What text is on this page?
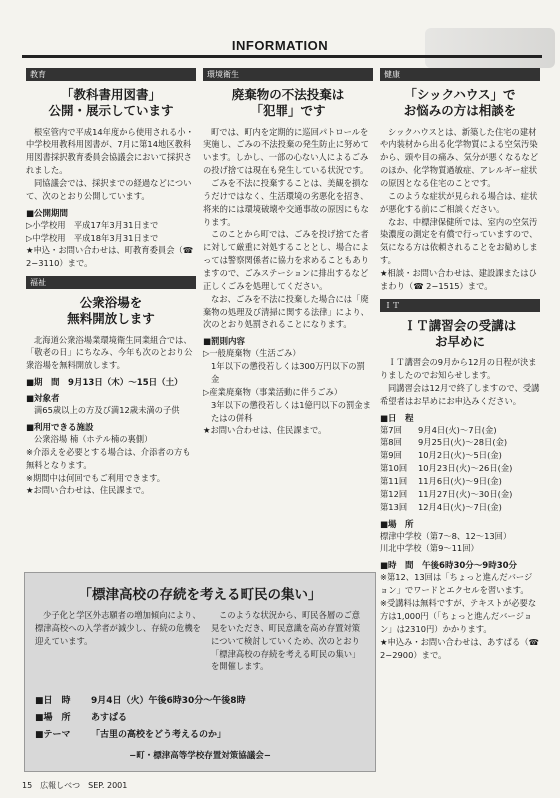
INFORMATION
教育
「教科書用図書」
公開・展示しています

根室管内で平成14年度から使用される小・中学校用教科用図書が、7月に第14地区教科用図書採択教育委員会協議会において採択されました。

同協議会では、採択までの経過などについて、次のとおり公開しています。

■公開期間

▷小学校用　平成17年3月31日まで

▷中学校用　平成18年3月31日まで

★申込・お問い合わせは、町教育委員会（☎ 2−3110）まで。

福祉
公衆浴場を
無料開放します

北海道公衆浴場業環境衛生同業組合では、「敬老の日」にちなみ、今年も次のとおり公衆浴場を無料開放します。

■期　間　9月13日（木）〜15日（土）

■対象者

満65歳以上の方及び満12歳未満の子供

■利用できる施設

公衆浴場 楠（ホテル楠の裏側）

※介添えを必要とする場合は、介添者の方も無料となります。

※期間中は何回でもご利用できます。

★お問い合わせは、住民課まで。

環境衛生
廃棄物の不法投棄は
「犯罪」です

町では、町内を定期的に巡回パトロールを実施し、ごみの不法投棄の発生防止に努めています。しかし、一部の心ない人によるごみの投げ捨ては現在も発生している状況です。

ごみを不法に投棄することは、美観を損なうだけではなく、生活環境の劣悪化を招き、将来的には環境破壊や交通事故の原因にもなります。

このことから町では、ごみを投げ捨てた者に対して厳重に対処することとし、場合によっては警察関係者に協力を求めることもありますので、ごみステーションに排出するなど正しくごみを処理してください。

なお、ごみを不法に投棄した場合には「廃棄物の処理及び清掃に関する法律」により、次のとおり処罰されることになります。

■罰則内容

▷一般廃棄物（生活ごみ）

1年以下の懲役若しくは300万円以下の罰金

▷産業廃棄物（事業活動に伴うごみ）

3年以下の懲役若しくは1億円以下の罰金またはの併科

★お問い合わせは、住民課まで。

健康
「シックハウス」で
お悩みの方は相談を

シックハウスとは、新築した住宅の建材や内装材から出る化学物質による空気汚染から、頭や目の痛み、気分が悪くなるなどのほか、化学物質過敏症、アレルギー症状の原因となる住宅のことです。

このような症状が見られる場合は、症状が悪化する前にご相談ください。

なお、中標津保健所では、室内の空気汚染濃度の測定を有償で行っていますので、気になる方は依頼されることをお勧めします。

★相談・お問い合わせは、建設課またはひまわり（☎ 2−1515）まで。

ＩＴ
ＩＴ講習会の受講は
お早めに

ＩＴ講習会の9月から12月の日程が決まりましたのでお知らせします。

同講習会は12月で終了しますので、受講希望者はお早めにお申込みください。

■日　程

第7回	9月4日(火)〜7日(金)
第8回	9月25日(火)〜28日(金)
第9回	10月2日(火)〜5日(金)
第10回	10月23日(火)〜26日(金)
第11回	11月6日(火)〜9日(金)
第12回	11月27日(火)〜30日(金)
第13回	12月4日(火)〜7日(金)

■場　所

標津中学校（第7〜8、12〜13回）

川北中学校（第9〜11回）

■時　間　午後6時30分〜9時30分

※第12、13回は「ちょっと進んだバージョン」でワードとエクセルを習います。

※受講料は無料ですが、テキストが必要な方は1,000円（「ちょっと進んだバージョン」は2310円）かかります。

★申込み・お問い合わせは、あすぱる（☎ 2−2900）まで。

「標津高校の存続を考える町民の集い」

少子化と学区外志願者の増加傾向により、標津高校への入学者が減少し、存続の危機を迎えています。

このような状況から、町民各層のご意見をいただき、町民意識を高め存置対策について検討していくため、次のとおり「標津高校の存続を考える町民の集い」を開催します。

■日　時	9月4日（火）午後6時30分〜午後8時
■場　所	あすぱる
■テーマ	「古里の高校をどう考えるのか」
−町・標津高等学校存置対策協議会−
15　広報しべつ　SEP. 2001
